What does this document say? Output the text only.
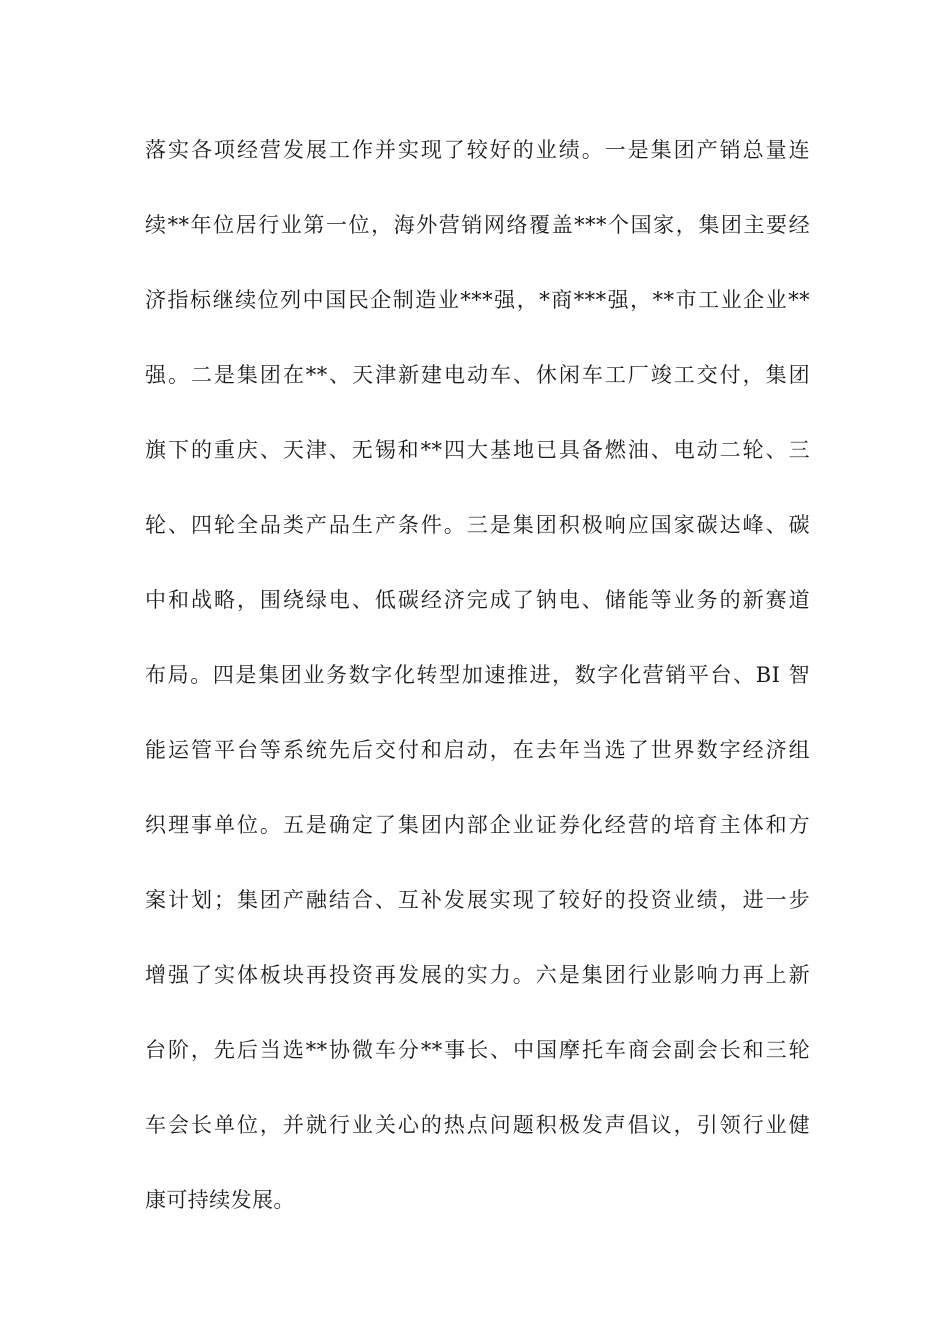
落实各项经营发展工作并实现了较好的业绩。一是集团产销总量连
续**年位居行业第一位，海外营销网络覆盖***个国家，集团主要经
济指标继续位列中国民企制造业***强，*商***强，**市工业企业**
强。二是集团在**、天津新建电动车、休闲车工厂竣工交付，集团
旗下的重庆、天津、无锡和**四大基地已具备燃油、电动二轮、三
轮、四轮全品类产品生产条件。三是集团积极响应国家碳达峰、碳
中和战略，围绕绿电、低碳经济完成了钠电、储能等业务的新赛道
布局。四是集团业务数字化转型加速推进，数字化营销平台、BI 智
能运管平台等系统先后交付和启动，在去年当选了世界数字经济组
织理事单位。五是确定了集团内部企业证券化经营的培育主体和方
案计划；集团产融结合、互补发展实现了较好的投资业绩，进一步
增强了实体板块再投资再发展的实力。六是集团行业影响力再上新
台阶，先后当选**协微车分**事长、中国摩托车商会副会长和三轮
车会长单位，并就行业关心的热点问题积极发声倡议，引领行业健
康可持续发展。
